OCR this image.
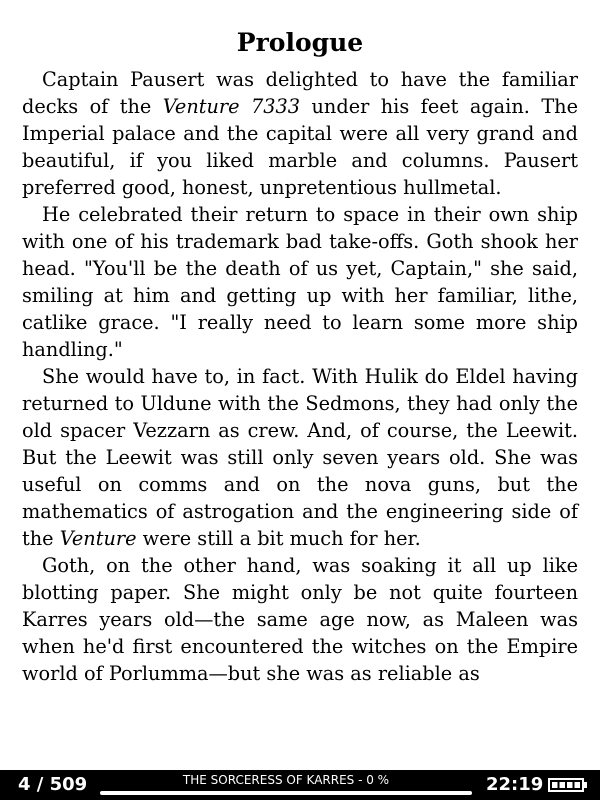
Prologue

Captain Pausert was delighted to have the familiar decks of the Venture 7333 under his feet again. The Imperial palace and the capital were all very grand and beautiful, if you liked marble and columns. Pausert preferred good, honest, unpretentious hullmetal.

He celebrated their return to space in their own ship with one of his trademark bad take-offs. Goth shook her head. "You'll be the death of us yet, Captain," she said, smiling at him and getting up with her familiar, lithe, catlike grace. "I really need to learn some more ship handling."

She would have to, in fact. With Hulik do Eldel having returned to Uldune with the Sedmons, they had only the old spacer Vezzarn as crew. And, of course, the Leewit. But the Leewit was still only seven years old. She was useful on comms and on the nova guns, but the mathematics of astrogation and the engineering side of the Venture were still a bit much for her.

Goth, on the other hand, was soaking it all up like blotting paper. She might only be not quite fourteen Karres years old—the same age now, as Maleen was when he'd first encountered the witches on the Empire world of Porlumma—but she was as reliable as

4 / 509	THE SORCERESS OF KARRES - 0 %	22:19
